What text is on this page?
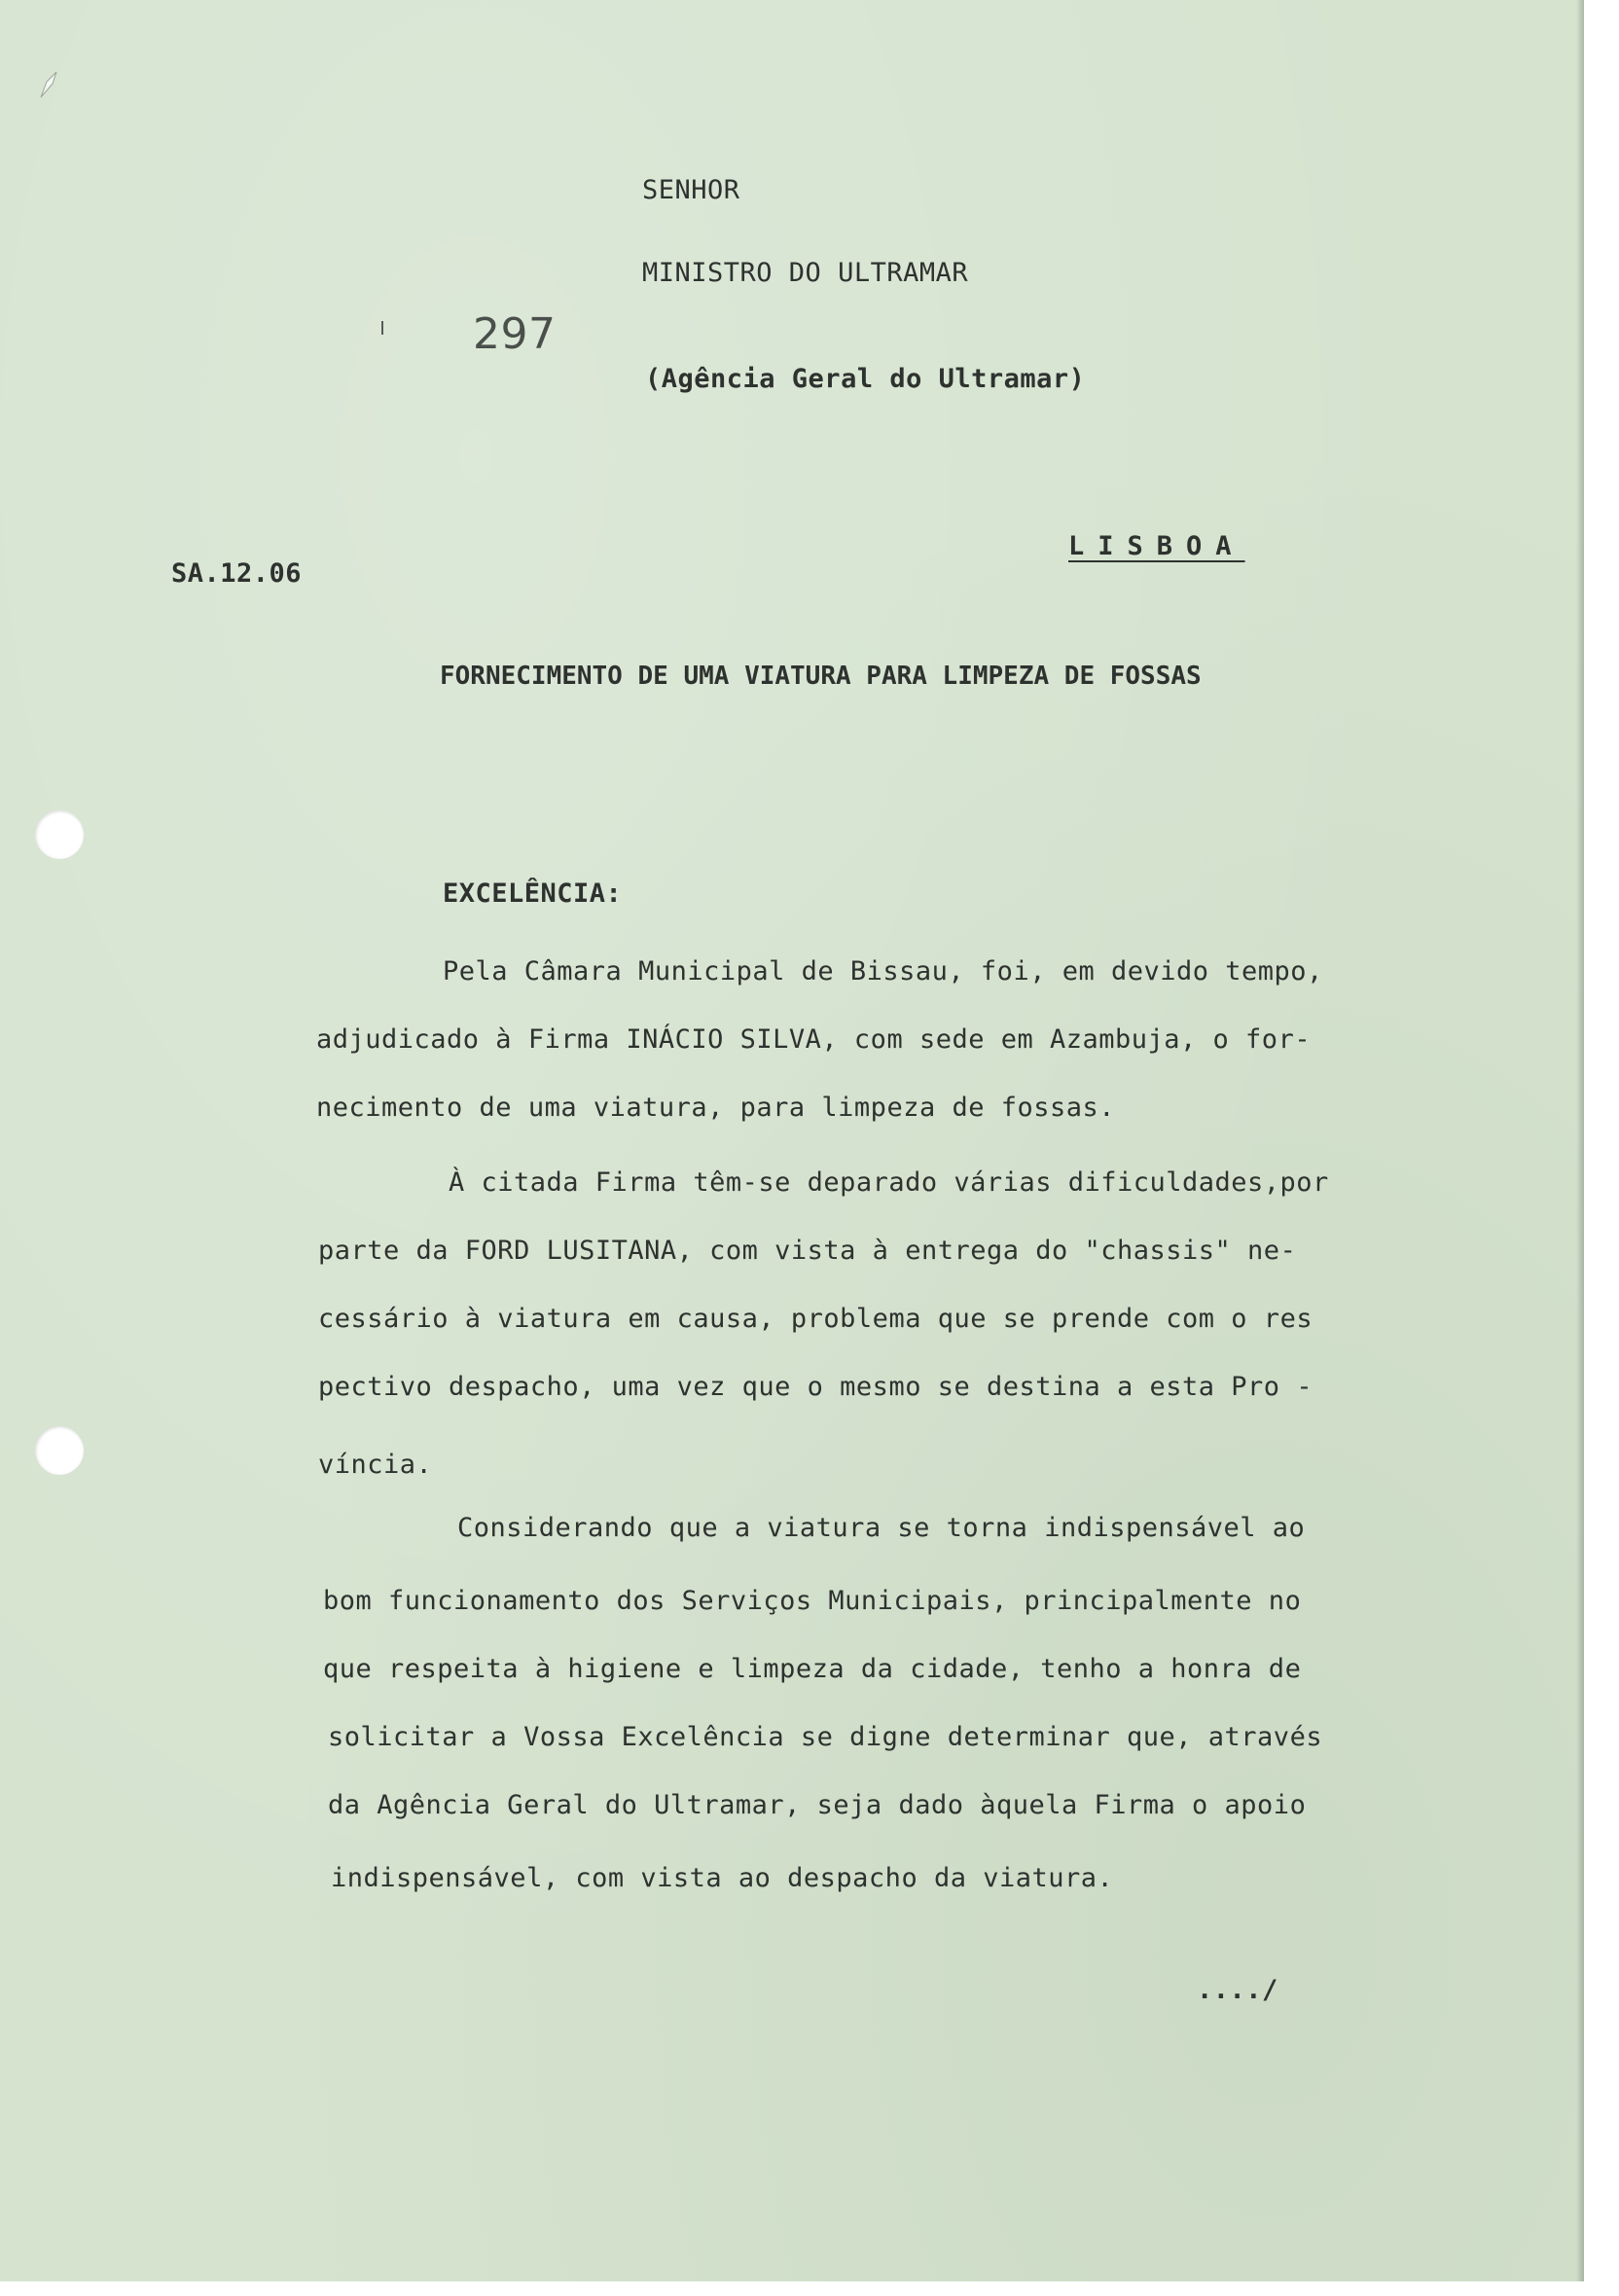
SENHOR
MINISTRO DO ULTRAMAR
297
(Agência Geral do Ultramar)
SA.12.06
LISBOA
FORNECIMENTO DE UMA VIATURA PARA LIMPEZA DE FOSSAS
EXCELÊNCIA:
Pela Câmara Municipal de Bissau, foi, em devido tempo,
adjudicado à Firma INÁCIO SILVA, com sede em Azambuja, o for-
necimento de uma viatura, para limpeza de fossas.
À citada Firma têm-se deparado várias dificuldades,por
parte da FORD LUSITANA, com vista à entrega do "chassis" ne-
cessário à viatura em causa, problema que se prende com o res
pectivo despacho, uma vez que o mesmo se destina a esta Pro -
víncia.
Considerando que a viatura se torna indispensável ao
bom funcionamento dos Serviços Municipais, principalmente no
que respeita à higiene e limpeza da cidade, tenho a honra de
solicitar a Vossa Excelência se digne determinar que, através
da Agência Geral do Ultramar, seja dado àquela Firma o apoio
indispensável, com vista ao despacho da viatura.
..../
